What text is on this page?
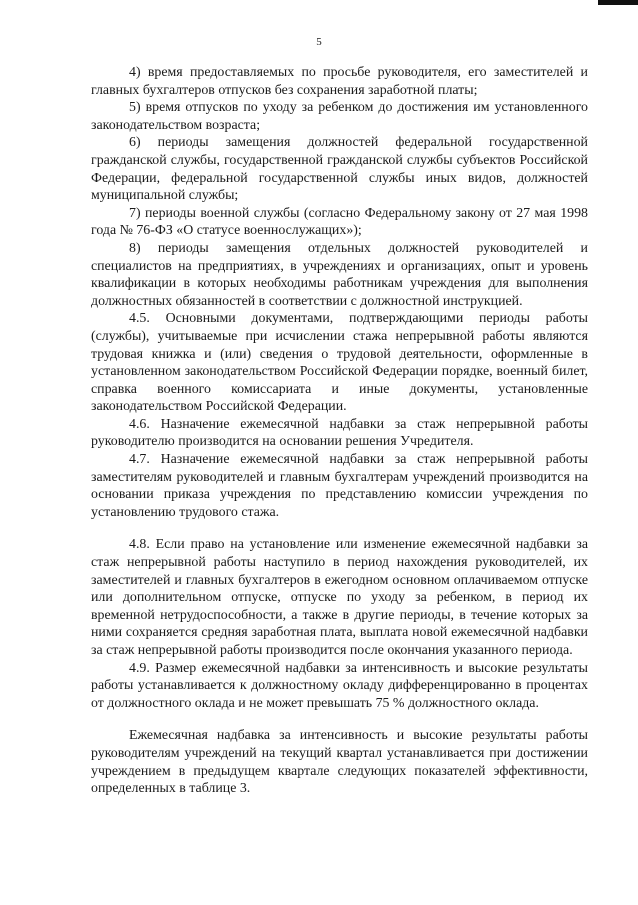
5

4) время предоставляемых по просьбе руководителя, его заместителей и главных бухгалтеров отпусков без сохранения заработной платы;

5) время отпусков по уходу за ребенком до достижения им установленного законодательством возраста;

6) периоды замещения должностей федеральной государственной гражданской службы, государственной гражданской службы субъектов Российской Федерации, федеральной государственной службы иных видов, должностей муниципальной службы;

7) периоды военной службы (согласно Федеральному закону от 27 мая 1998 года № 76-ФЗ «О статусе военнослужащих»);

8) периоды замещения отдельных должностей руководителей и специалистов на предприятиях, в учреждениях и организациях, опыт и уровень квалификации в которых необходимы работникам учреждения для выполнения должностных обязанностей в соответствии с должностной инструкцией.

4.5. Основными документами, подтверждающими периоды работы (службы), учитываемые при исчислении стажа непрерывной работы являются трудовая книжка и (или) сведения о трудовой деятельности, оформленные в установленном законодательством Российской Федерации порядке, военный билет, справка военного комиссариата и иные документы, установленные законодательством Российской Федерации.

4.6. Назначение ежемесячной надбавки за стаж непрерывной работы руководителю производится на основании решения Учредителя.

4.7. Назначение ежемесячной надбавки за стаж непрерывной работы заместителям руководителей и главным бухгалтерам учреждений производится на основании приказа учреждения по представлению комиссии учреждения по установлению трудового стажа.

4.8. Если право на установление или изменение ежемесячной надбавки за стаж непрерывной работы наступило в период нахождения руководителей, их заместителей и главных бухгалтеров в ежегодном основном оплачиваемом отпуске или дополнительном отпуске, отпуске по уходу за ребенком, в период их временной нетрудоспособности, а также в другие периоды, в течение которых за ними сохраняется средняя заработная плата, выплата новой ежемесячной надбавки за стаж непрерывной работы производится после окончания указанного периода.

4.9. Размер ежемесячной надбавки за интенсивность и высокие результаты работы устанавливается к должностному окладу дифференцированно в процентах от должностного оклада и не может превышать 75 % должностного оклада.

Ежемесячная надбавка за интенсивность и высокие результаты работы руководителям учреждений на текущий квартал устанавливается при достижении учреждением в предыдущем квартале следующих показателей эффективности, определенных в таблице 3.
